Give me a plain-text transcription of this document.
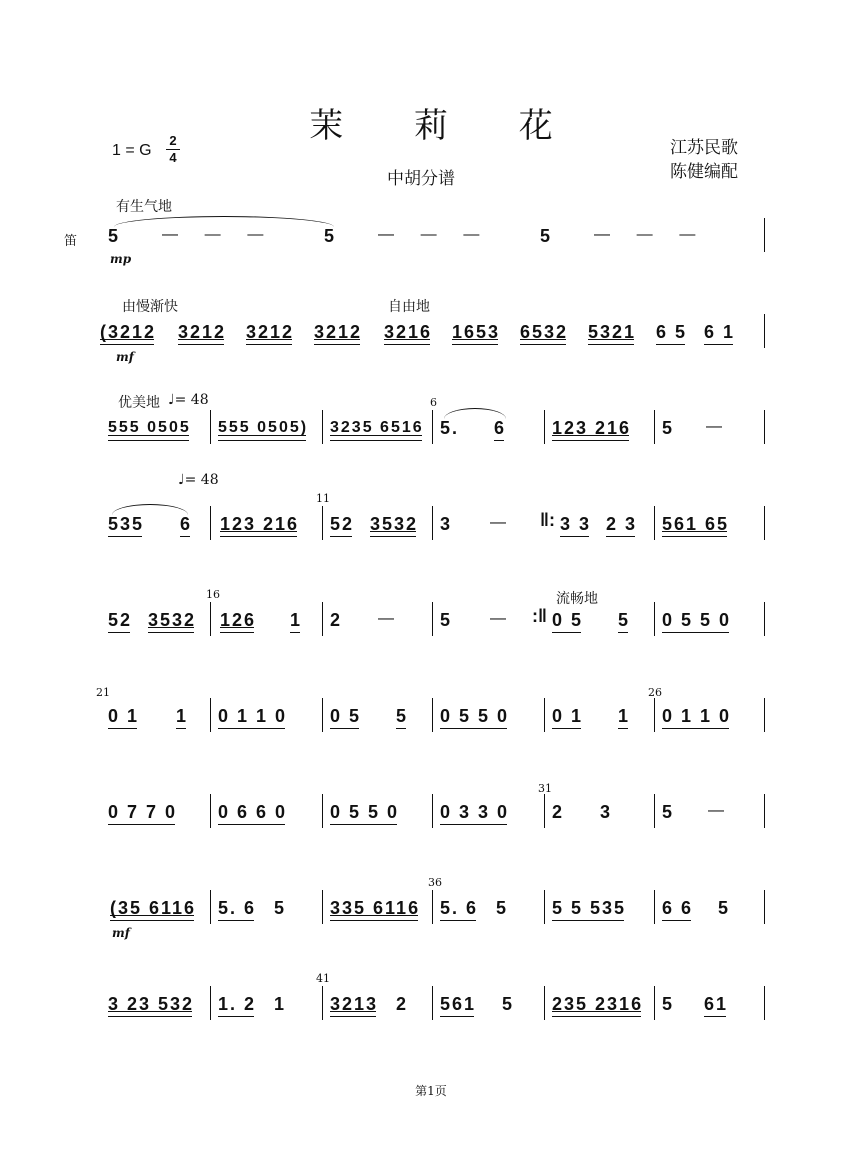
茉 莉 花
1 = G
2
4
中胡分谱
江苏民歌
陈健编配
笛
有生气地
由慢渐快	自由地
优美地 ♩= 48
♩= 48
流畅地
mp
mf
mf
6
11
16
21	26
31
36
41
5	—      —      —	5	—      —      —	5	—      —      —
(3212 3212 3212 3212 3216 1653 6532 5321 6 5 6 1
555 0505 555 0505) 3235 6516 5. 6	123 216 5 —
535 6 123 216 52 3532 3 — ‖: 3 3 2 3 561 65
52 3532 126 1 2 —	5 — :‖ 0 5 5 0 5 5 0
0 1 1 0 1 1 0 0 5 5 0 5 5 0 0 1 1 0 1 1 0
0 7 7 0 0 6 6 0 0 5 5 0 0 3 3 0 2 3	5 —
(35 6116 5. 6 5 335 6116 5. 6 5 5 5 535 6 6 5
3 23 532 1. 2 1 3213 2 561 5 235 2316 5 61
第1页
